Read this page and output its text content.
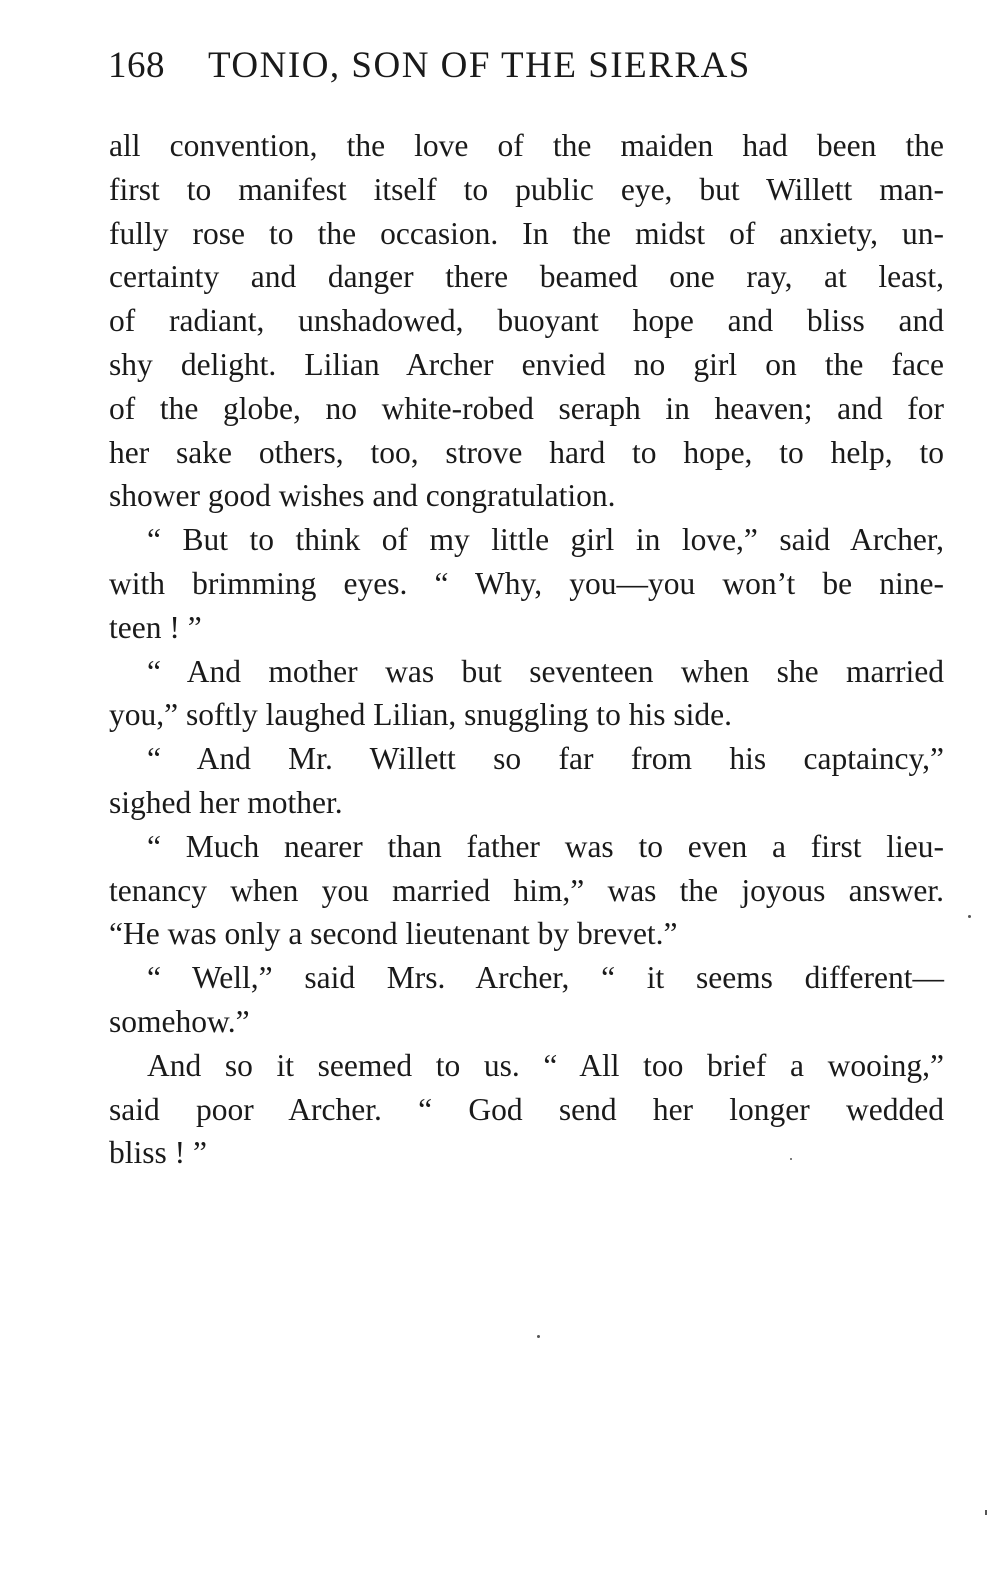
168 TONIO, SON OF THE SIERRAS
all convention, the love of the maiden had been the
first to manifest itself to public eye, but Willett man-
fully rose to the occasion. In the midst of anxiety, un-
certainty and danger there beamed one ray, at least,
of radiant, unshadowed, buoyant hope and bliss and
shy delight. Lilian Archer envied no girl on the face
of the globe, no white-robed seraph in heaven; and for
her sake others, too, strove hard to hope, to help, to
shower good wishes and congratulation.
“ But to think of my little girl in love,” said Archer,
with brimming eyes. “ Why, you—you won’t be nine-
teen ! ”
“ And mother was but seventeen when she married
you,” softly laughed Lilian, snuggling to his side.
“ And Mr. Willett so far from his captaincy,”
sighed her mother.
“ Much nearer than father was to even a first lieu-
tenancy when you married him,” was the joyous answer.
“He was only a second lieutenant by brevet.”
“ Well,” said Mrs. Archer, “ it seems different—
somehow.”
And so it seemed to us. “ All too brief a wooing,”
said poor Archer. “ God send her longer wedded
bliss ! ”
